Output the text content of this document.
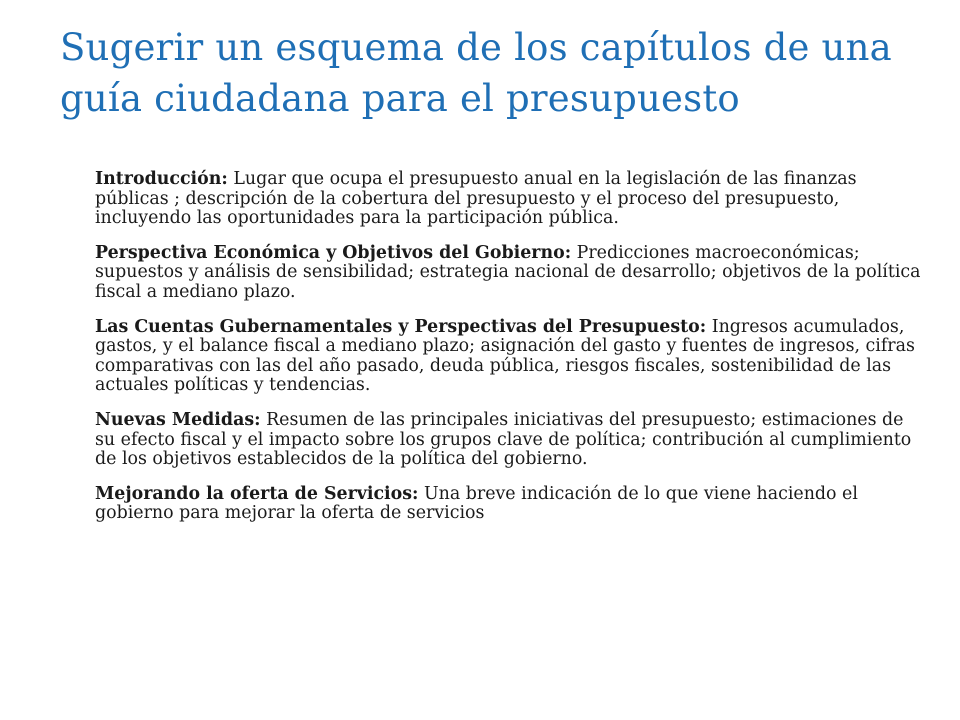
Sugerir un esquema de los capítulos de una guía ciudadana para el presupuesto
Introducción: Lugar que ocupa el presupuesto anual en la legislación de las finanzas públicas ; descripción de la cobertura del presupuesto y el proceso del presupuesto, incluyendo las oportunidades para la participación pública.
Perspectiva Económica y Objetivos del Gobierno: Predicciones macroeconómicas; supuestos y análisis de sensibilidad; estrategia nacional de desarrollo; objetivos de la política fiscal a mediano plazo.
Las Cuentas Gubernamentales y Perspectivas del Presupuesto: Ingresos acumulados, gastos, y el balance fiscal a mediano plazo; asignación del gasto y fuentes de ingresos, cifras comparativas con las del año pasado, deuda pública, riesgos fiscales, sostenibilidad de las actuales políticas y tendencias.
Nuevas Medidas: Resumen de las principales iniciativas del presupuesto; estimaciones de su efecto fiscal y el impacto sobre los grupos clave de política; contribución al cumplimiento de los objetivos establecidos de la política del gobierno.
Mejorando la oferta de Servicios: Una breve indicación de lo que viene haciendo el gobierno para mejorar la oferta de servicios
